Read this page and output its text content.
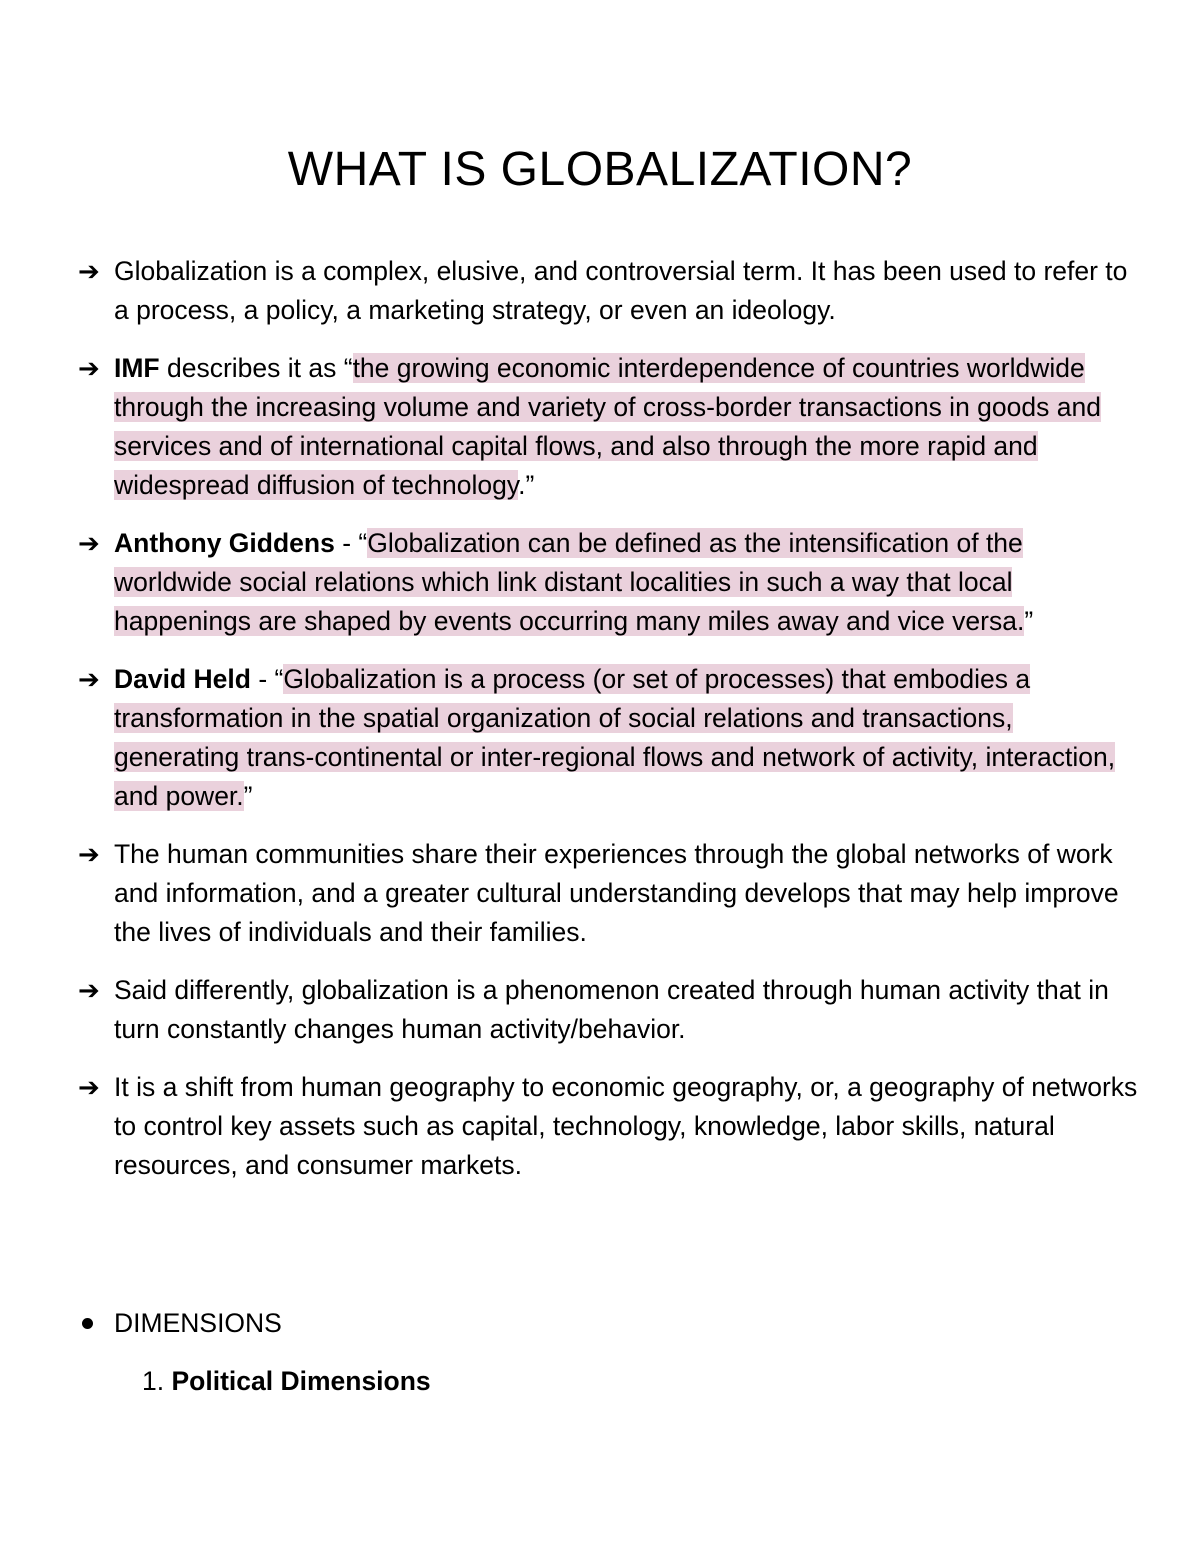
WHAT IS GLOBALIZATION?
➔ Globalization is a complex, elusive, and controversial term. It has been used to refer to a process, a policy, a marketing strategy, or even an ideology.
➔ IMF describes it as “the growing economic interdependence of countries worldwide through the increasing volume and variety of cross-border transactions in goods and services and of international capital flows, and also through the more rapid and widespread diffusion of technology.”
➔ Anthony Giddens - “Globalization can be defined as the intensification of the worldwide social relations which link distant localities in such a way that local happenings are shaped by events occurring many miles away and vice versa.”
➔ David Held - “Globalization is a process (or set of processes) that embodies a transformation in the spatial organization of social relations and transactions, generating trans-continental or inter-regional flows and network of activity, interaction, and power.”
➔ The human communities share their experiences through the global networks of work and information, and a greater cultural understanding develops that may help improve the lives of individuals and their families.
➔ Said differently, globalization is a phenomenon created through human activity that in turn constantly changes human activity/behavior.
➔ It is a shift from human geography to economic geography, or, a geography of networks to control key assets such as capital, technology, knowledge, labor skills, natural resources, and consumer markets.
DIMENSIONS
1. Political Dimensions
